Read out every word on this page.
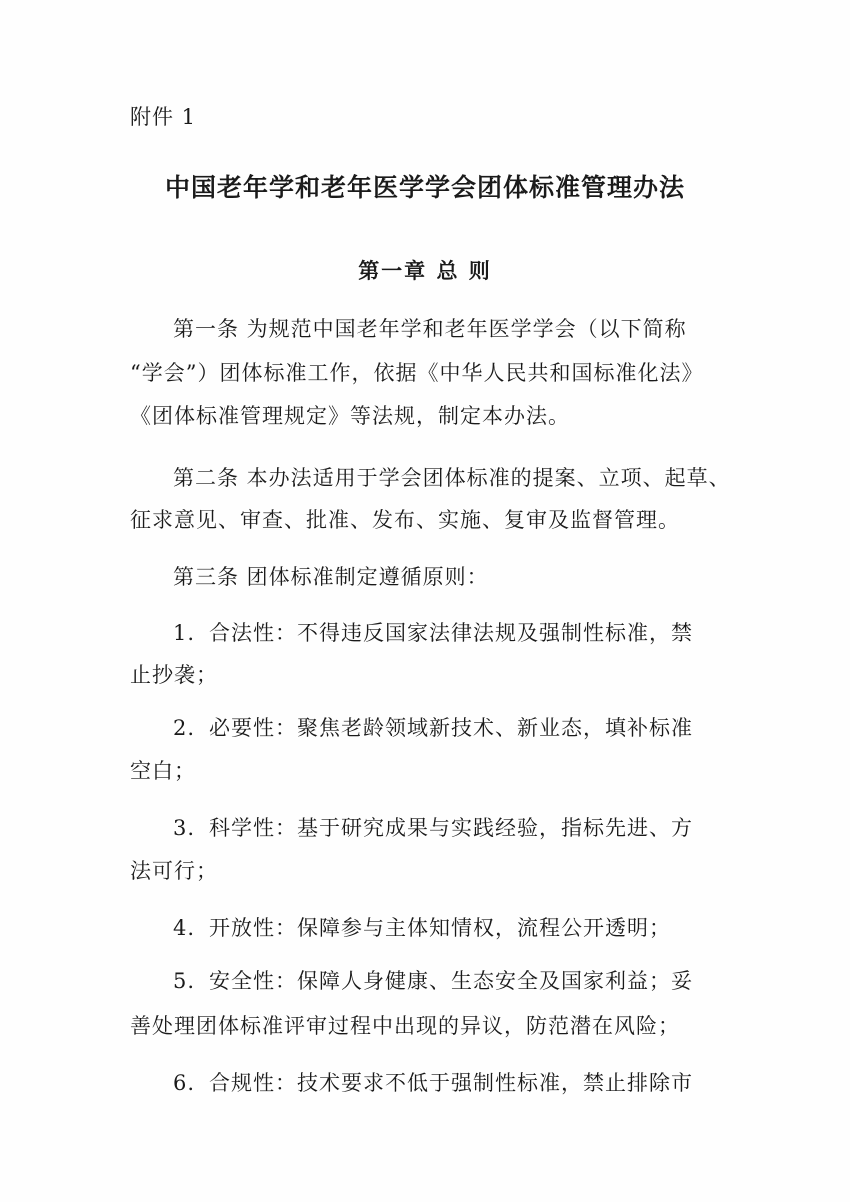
附件 1
中国老年学和老年医学学会团体标准管理办法
第一章 总 则
第一条 为规范中国老年学和老年医学学会（以下简称
“学会”）团体标准工作，依据《中华人民共和国标准化法》
《团体标准管理规定》等法规，制定本办法。
第二条 本办法适用于学会团体标准的提案、立项、起草、
征求意见、审查、批准、发布、实施、复审及监督管理。
第三条 团体标准制定遵循原则：
1. 合法性：不得违反国家法律法规及强制性标准，禁
止抄袭；
2. 必要性：聚焦老龄领域新技术、新业态，填补标准
空白；
3. 科学性：基于研究成果与实践经验，指标先进、方
法可行；
4. 开放性：保障参与主体知情权，流程公开透明；
5. 安全性：保障人身健康、生态安全及国家利益；妥
善处理团体标准评审过程中出现的异议，防范潜在风险；
6. 合规性：技术要求不低于强制性标准，禁止排除市
